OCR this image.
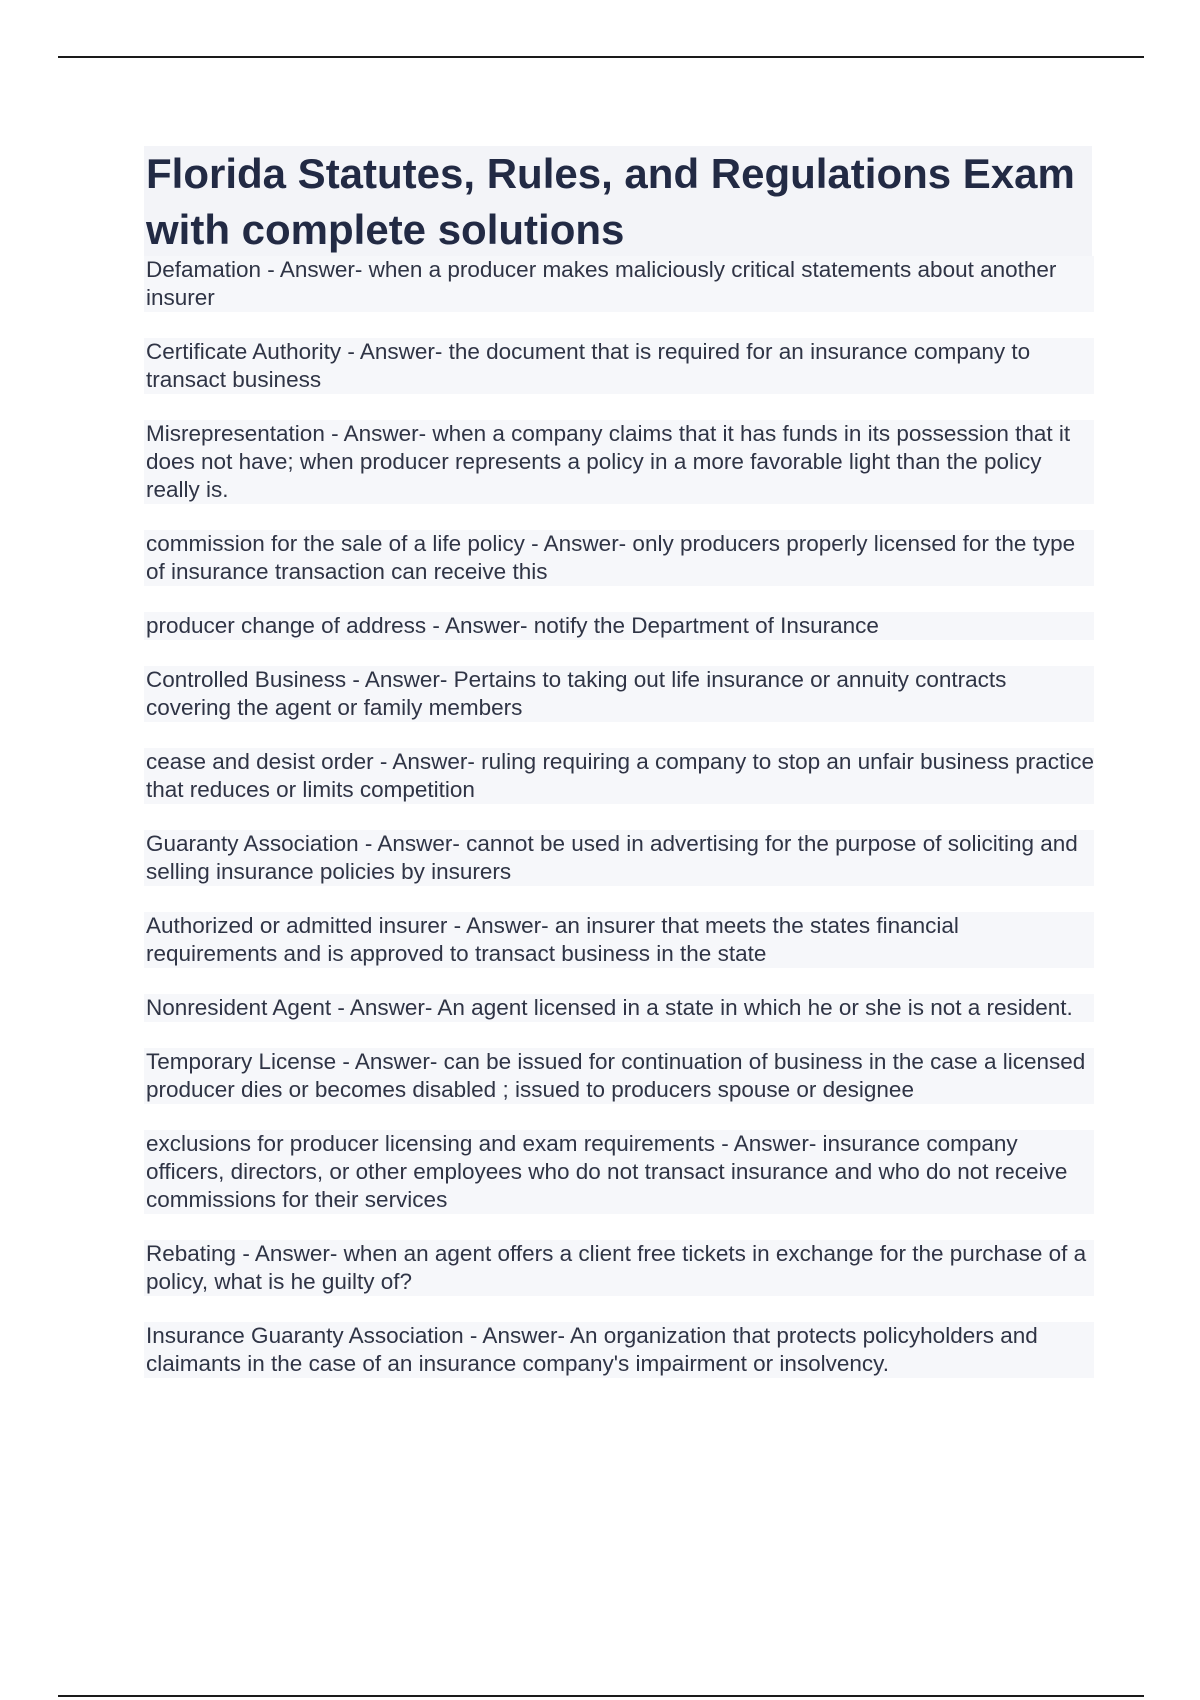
Florida Statutes, Rules, and Regulations Exam with complete solutions
Defamation - Answer- when a producer makes maliciously critical statements about another insurer
Certificate Authority - Answer- the document that is required for an insurance company to transact business
Misrepresentation - Answer- when a company claims that it has funds in its possession that it does not have; when producer represents a policy in a more favorable light than the policy really is.
commission for the sale of a life policy - Answer- only producers properly licensed for the type of insurance transaction can receive this
producer change of address - Answer- notify the Department of Insurance
Controlled Business - Answer- Pertains to taking out life insurance or annuity contracts covering the agent or family members
cease and desist order - Answer- ruling requiring a company to stop an unfair business practice that reduces or limits competition
Guaranty Association - Answer- cannot be used in advertising for the purpose of soliciting and selling insurance policies by insurers
Authorized or admitted insurer - Answer- an insurer that meets the states financial requirements and is approved to transact business in the state
Nonresident Agent - Answer- An agent licensed in a state in which he or she is not a resident.
Temporary License - Answer- can be issued for continuation of business in the case a licensed producer dies or becomes disabled ; issued to producers spouse or designee
exclusions for producer licensing and exam requirements - Answer- insurance company officers, directors, or other employees who do not transact insurance and who do not receive commissions for their services
Rebating - Answer- when an agent offers a client free tickets in exchange for the purchase of a policy, what is he guilty of?
Insurance Guaranty Association - Answer- An organization that protects policyholders and claimants in the case of an insurance company's impairment or insolvency.
